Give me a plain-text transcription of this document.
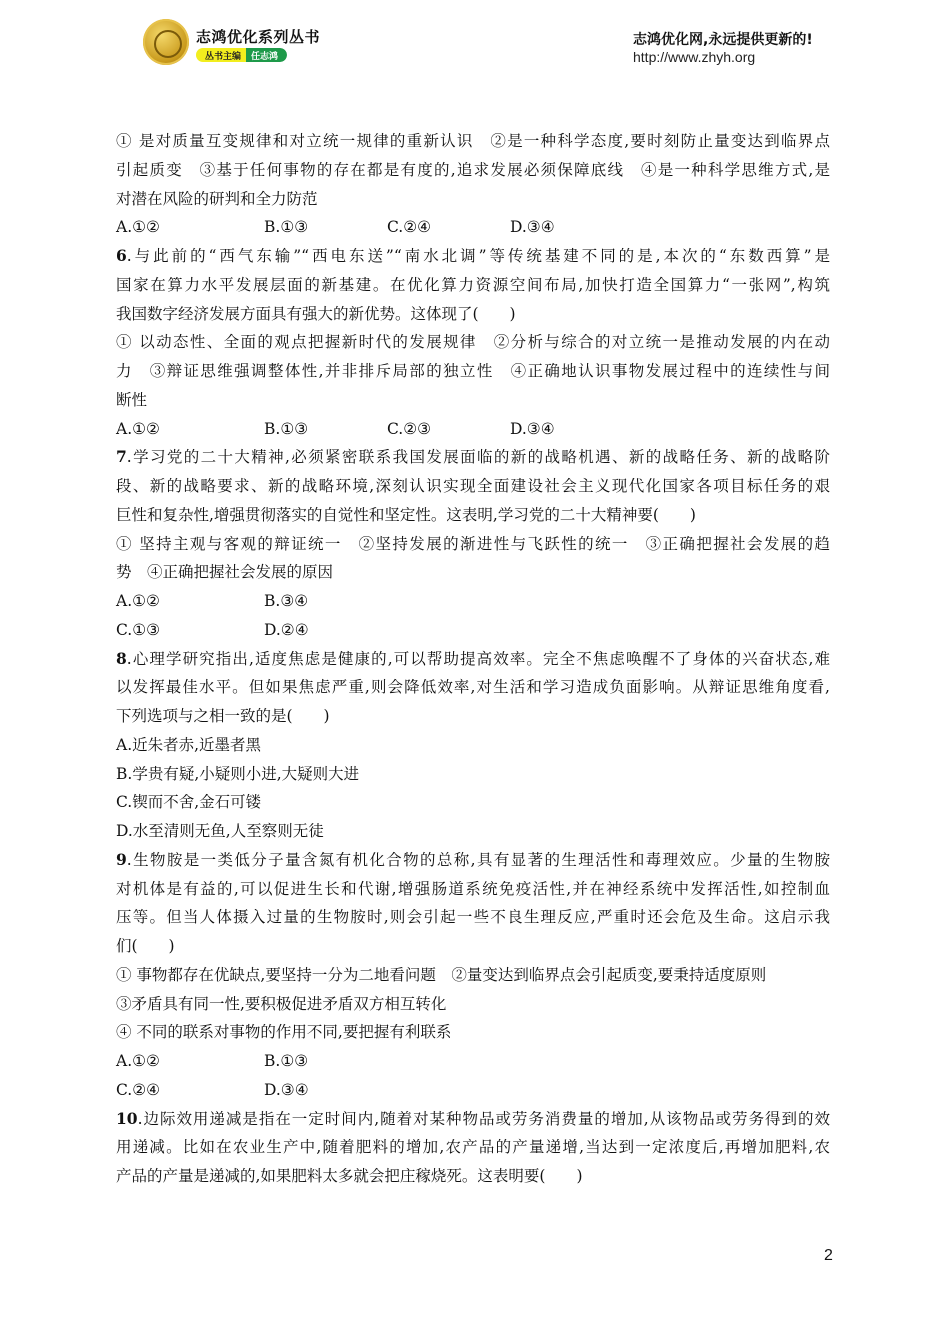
志鸿优化系列丛书
丛书主编	任志鸿
志鸿优化网,永远提供更新的!
http://www.zhyh.org
① 是对质量互变规律和对立统一规律的重新认识　②是一种科学态度,要时刻防止量变达到临界点
引起质变　③基于任何事物的存在都是有度的,追求发展必须保障底线　④是一种科学思维方式,是
对潜在风险的研判和全力防范
A.①②	B.①③	C.②④	D.③④
6.与此前的“西气东输”“西电东送”“南水北调”等传统基建不同的是,本次的“东数西算”是
国家在算力水平发展层面的新基建。在优化算力资源空间布局,加快打造全国算力“一张网”,构筑
我国数字经济发展方面具有强大的新优势。这体现了(　　)
① 以动态性、全面的观点把握新时代的发展规律　②分析与综合的对立统一是推动发展的内在动
力　③辩证思维强调整体性,并非排斥局部的独立性　④正确地认识事物发展过程中的连续性与间
断性
A.①②	B.①③	C.②③	D.③④
7.学习党的二十大精神,必须紧密联系我国发展面临的新的战略机遇、新的战略任务、新的战略阶
段、新的战略要求、新的战略环境,深刻认识实现全面建设社会主义现代化国家各项目标任务的艰
巨性和复杂性,增强贯彻落实的自觉性和坚定性。这表明,学习党的二十大精神要(　　)
① 坚持主观与客观的辩证统一　②坚持发展的渐进性与飞跃性的统一　③正确把握社会发展的趋
势　④正确把握社会发展的原因
A.①②	B.③④
C.①③	D.②④
8.心理学研究指出,适度焦虑是健康的,可以帮助提高效率。完全不焦虑唤醒不了身体的兴奋状态,难
以发挥最佳水平。但如果焦虑严重,则会降低效率,对生活和学习造成负面影响。从辩证思维角度看,
下列选项与之相一致的是(　　)
A.近朱者赤,近墨者黑
B.学贵有疑,小疑则小进,大疑则大进
C.锲而不舍,金石可镂
D.水至清则无鱼,人至察则无徒
9.生物胺是一类低分子量含氮有机化合物的总称,具有显著的生理活性和毒理效应。少量的生物胺
对机体是有益的,可以促进生长和代谢,增强肠道系统免疫活性,并在神经系统中发挥活性,如控制血
压等。但当人体摄入过量的生物胺时,则会引起一些不良生理反应,严重时还会危及生命。这启示我
们(　　)
① 事物都存在优缺点,要坚持一分为二地看问题　②量变达到临界点会引起质变,要秉持适度原则
③矛盾具有同一性,要积极促进矛盾双方相互转化
④ 不同的联系对事物的作用不同,要把握有利联系
A.①②	B.①③
C.②④	D.③④
10.边际效用递减是指在一定时间内,随着对某种物品或劳务消费量的增加,从该物品或劳务得到的效
用递减。比如在农业生产中,随着肥料的增加,农产品的产量递增,当达到一定浓度后,再增加肥料,农
产品的产量是递减的,如果肥料太多就会把庄稼烧死。这表明要(　　)
2
